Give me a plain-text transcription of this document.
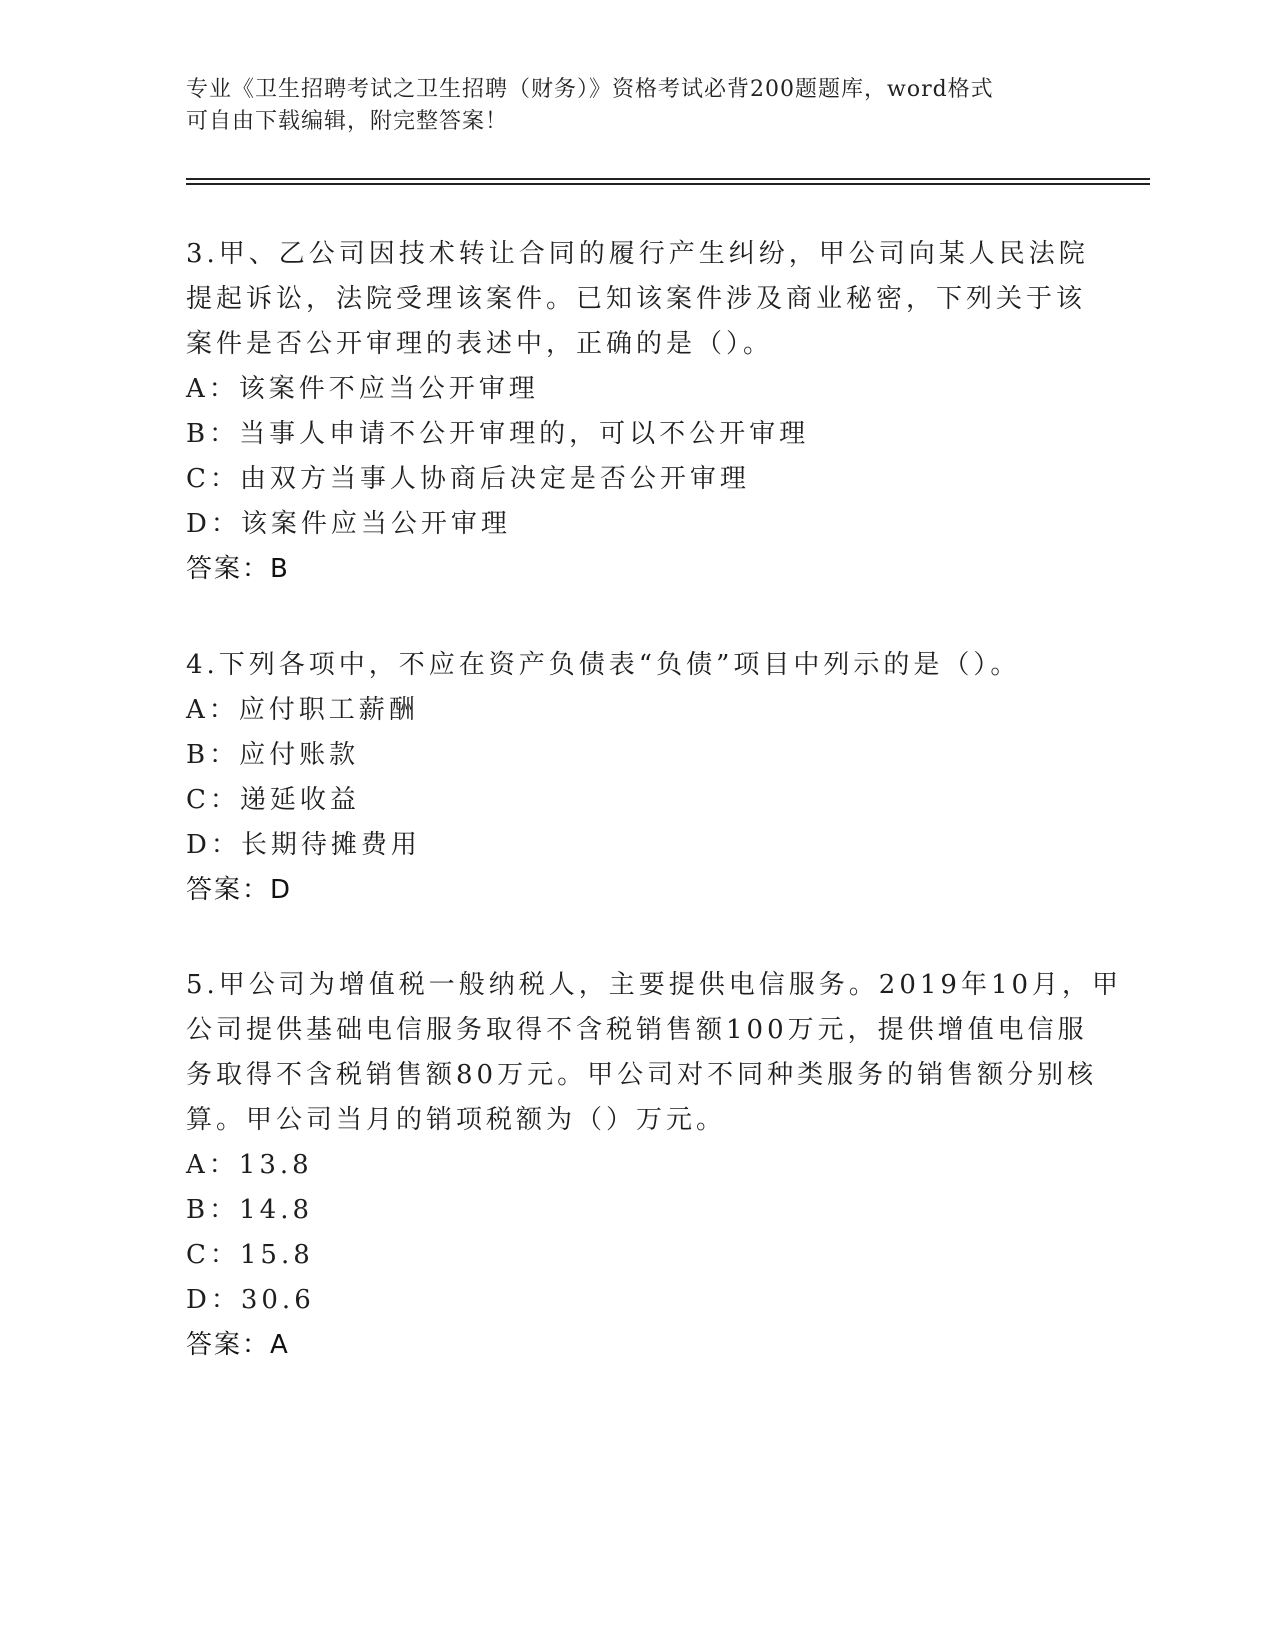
专业《卫生招聘考试之卫生招聘（财务）》资格考试必背200题题库，word格式
可自由下载编辑，附完整答案！
3.甲、乙公司因技术转让合同的履行产生纠纷，甲公司向某人民法院
提起诉讼，法院受理该案件。已知该案件涉及商业秘密，下列关于该
案件是否公开审理的表述中，正确的是（）。
A：该案件不应当公开审理
B：当事人申请不公开审理的，可以不公开审理
C：由双方当事人协商后决定是否公开审理
D：该案件应当公开审理
答案：B
4.下列各项中，不应在资产负债表“负债”项目中列示的是（）。
A：应付职工薪酬
B：应付账款
C：递延收益
D：长期待摊费用
答案：D
5.甲公司为增值税一般纳税人，主要提供电信服务。2019年10月，甲
公司提供基础电信服务取得不含税销售额100万元，提供增值电信服
务取得不含税销售额80万元。甲公司对不同种类服务的销售额分别核
算。甲公司当月的销项税额为（）万元。
A：13.8
B：14.8
C：15.8
D：30.6
答案：A
